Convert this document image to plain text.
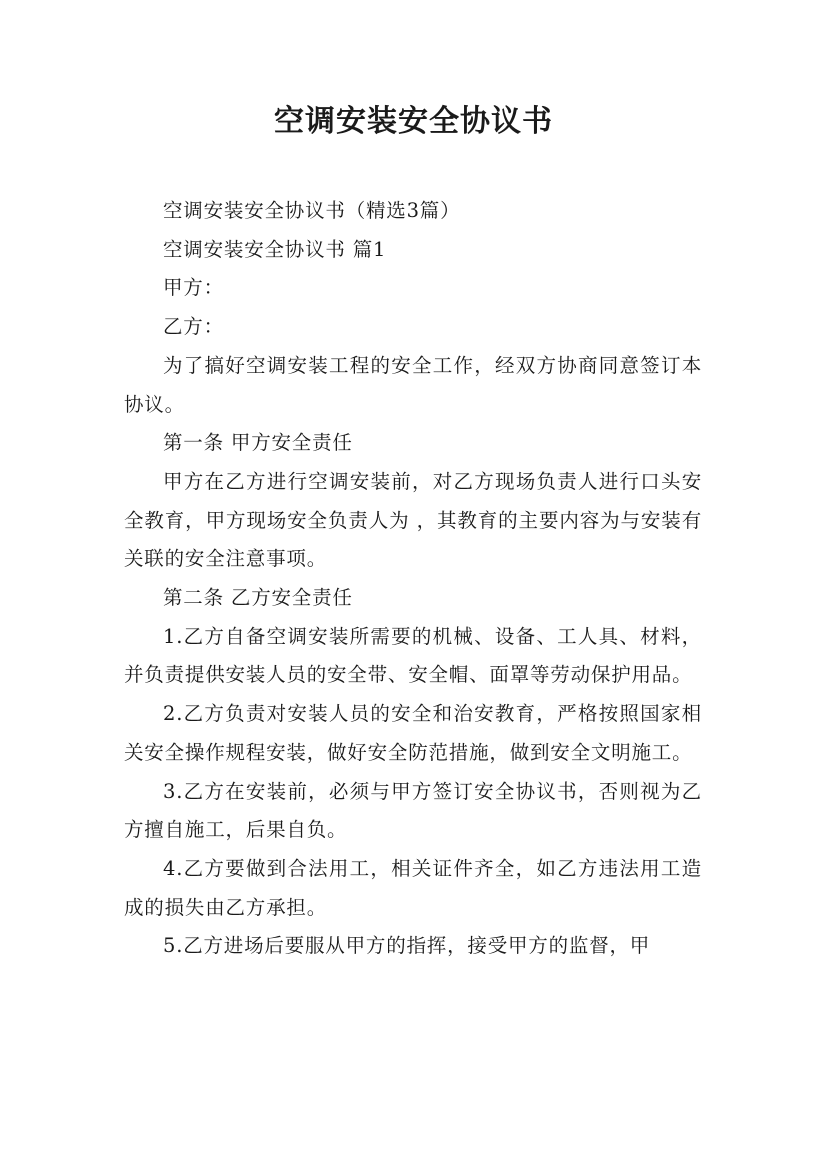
空调安装安全协议书

空调安装安全协议书（精选3篇）

空调安装安全协议书 篇1

甲方：

乙方：

为了搞好空调安装工程的安全工作，经双方协商同意签订本协议。

第一条 甲方安全责任

甲方在乙方进行空调安装前，对乙方现场负责人进行口头安全教育，甲方现场安全负责人为 ，其教育的主要内容为与安装有关联的安全注意事项。

第二条 乙方安全责任

1.乙方自备空调安装所需要的机械、设备、工人具、材料，并负责提供安装人员的安全带、安全帽、面罩等劳动保护用品。

2.乙方负责对安装人员的安全和治安教育，严格按照国家相关安全操作规程安装，做好安全防范措施，做到安全文明施工。

3.乙方在安装前，必须与甲方签订安全协议书，否则视为乙方擅自施工，后果自负。

4.乙方要做到合法用工，相关证件齐全，如乙方违法用工造成的损失由乙方承担。

5.乙方进场后要服从甲方的指挥，接受甲方的监督，甲
